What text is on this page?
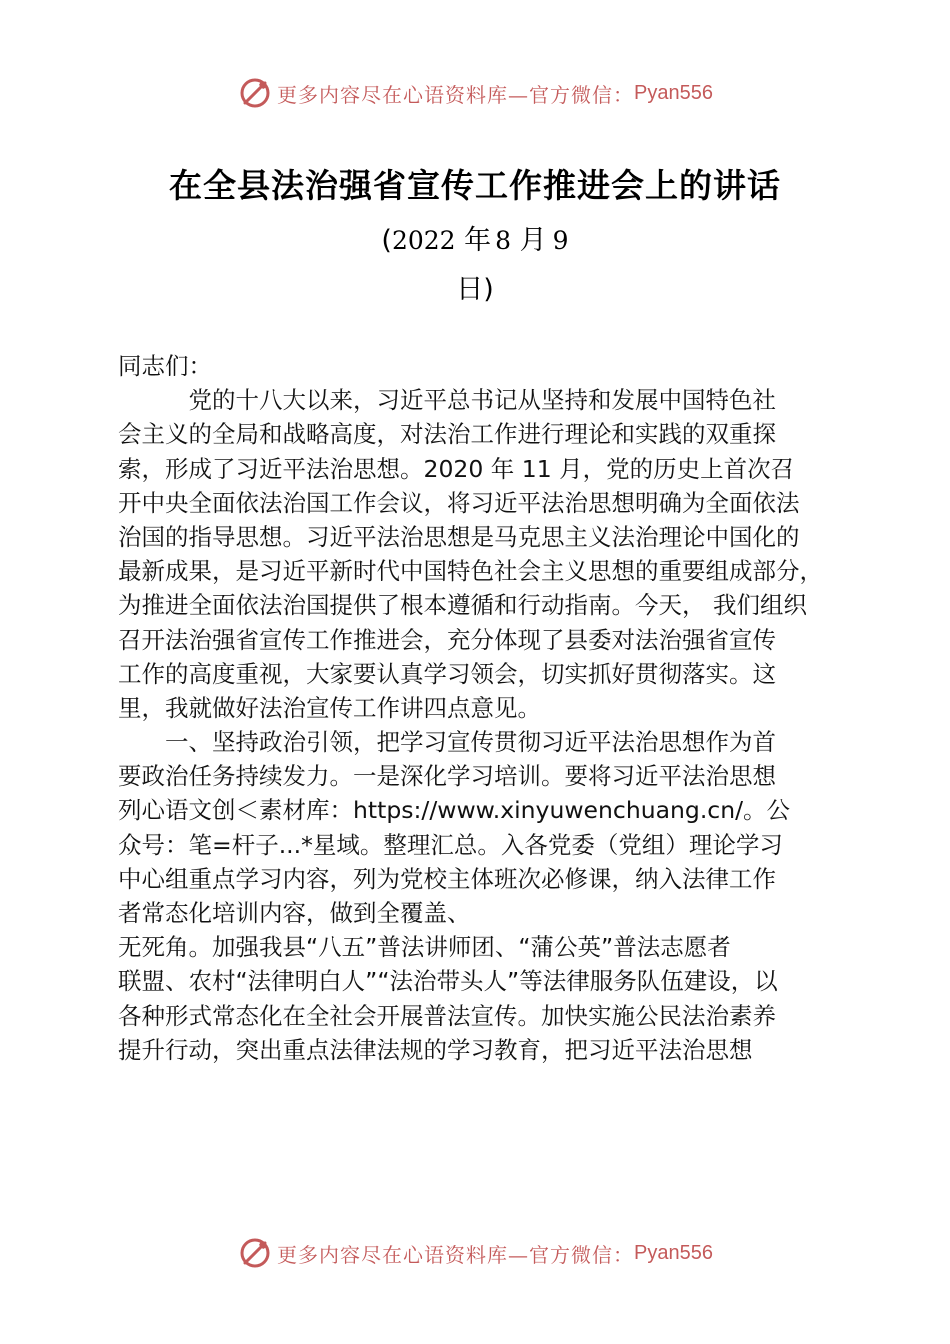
更多内容尽在心语资料库—官方微信： Pyan556
在全县法治强省宣传工作推进会上的讲话
(2022 年 8 月 9
日)
同志们：
　　　党的十八大以来，习近平总书记从坚持和发展中国特色社
会主义的全局和战略高度，对法治工作进行理论和实践的双重探
索，形成了习近平法治思想。2020 年 11 月，党的历史上首次召
开中央全面依法治国工作会议，将习近平法治思想明确为全面依法
治国的指导思想。习近平法治思想是马克思主义法治理论中国化的
最新成果，是习近平新时代中国特色社会主义思想的重要组成部分，
为推进全面依法治国提供了根本遵循和行动指南。今天， 我们组织
召开法治强省宣传工作推进会，充分体现了县委对法治强省宣传
工作的高度重视，大家要认真学习领会，切实抓好贯彻落实。这
里，我就做好法治宣传工作讲四点意见。
　　一、坚持政治引领，把学习宣传贯彻习近平法治思想作为首
要政治任务持续发力。一是深化学习培训。要将习近平法治思想
列心语文创＜素材库：https://www.xinyuwenchuang.cn/。公
众号：笔=杆子...*星域。整理汇总。入各党委（党组）理论学习
中心组重点学习内容，列为党校主体班次必修课，纳入法律工作
者常态化培训内容，做到全覆盖、
无死角。加强我县“八五”普法讲师团、“蒲公英”普法志愿者
联盟、农村“法律明白人”“法治带头人”等法律服务队伍建设，以
各种形式常态化在全社会开展普法宣传。加快实施公民法治素养
提升行动，突出重点法律法规的学习教育，把习近平法治思想
更多内容尽在心语资料库—官方微信： Pyan556
